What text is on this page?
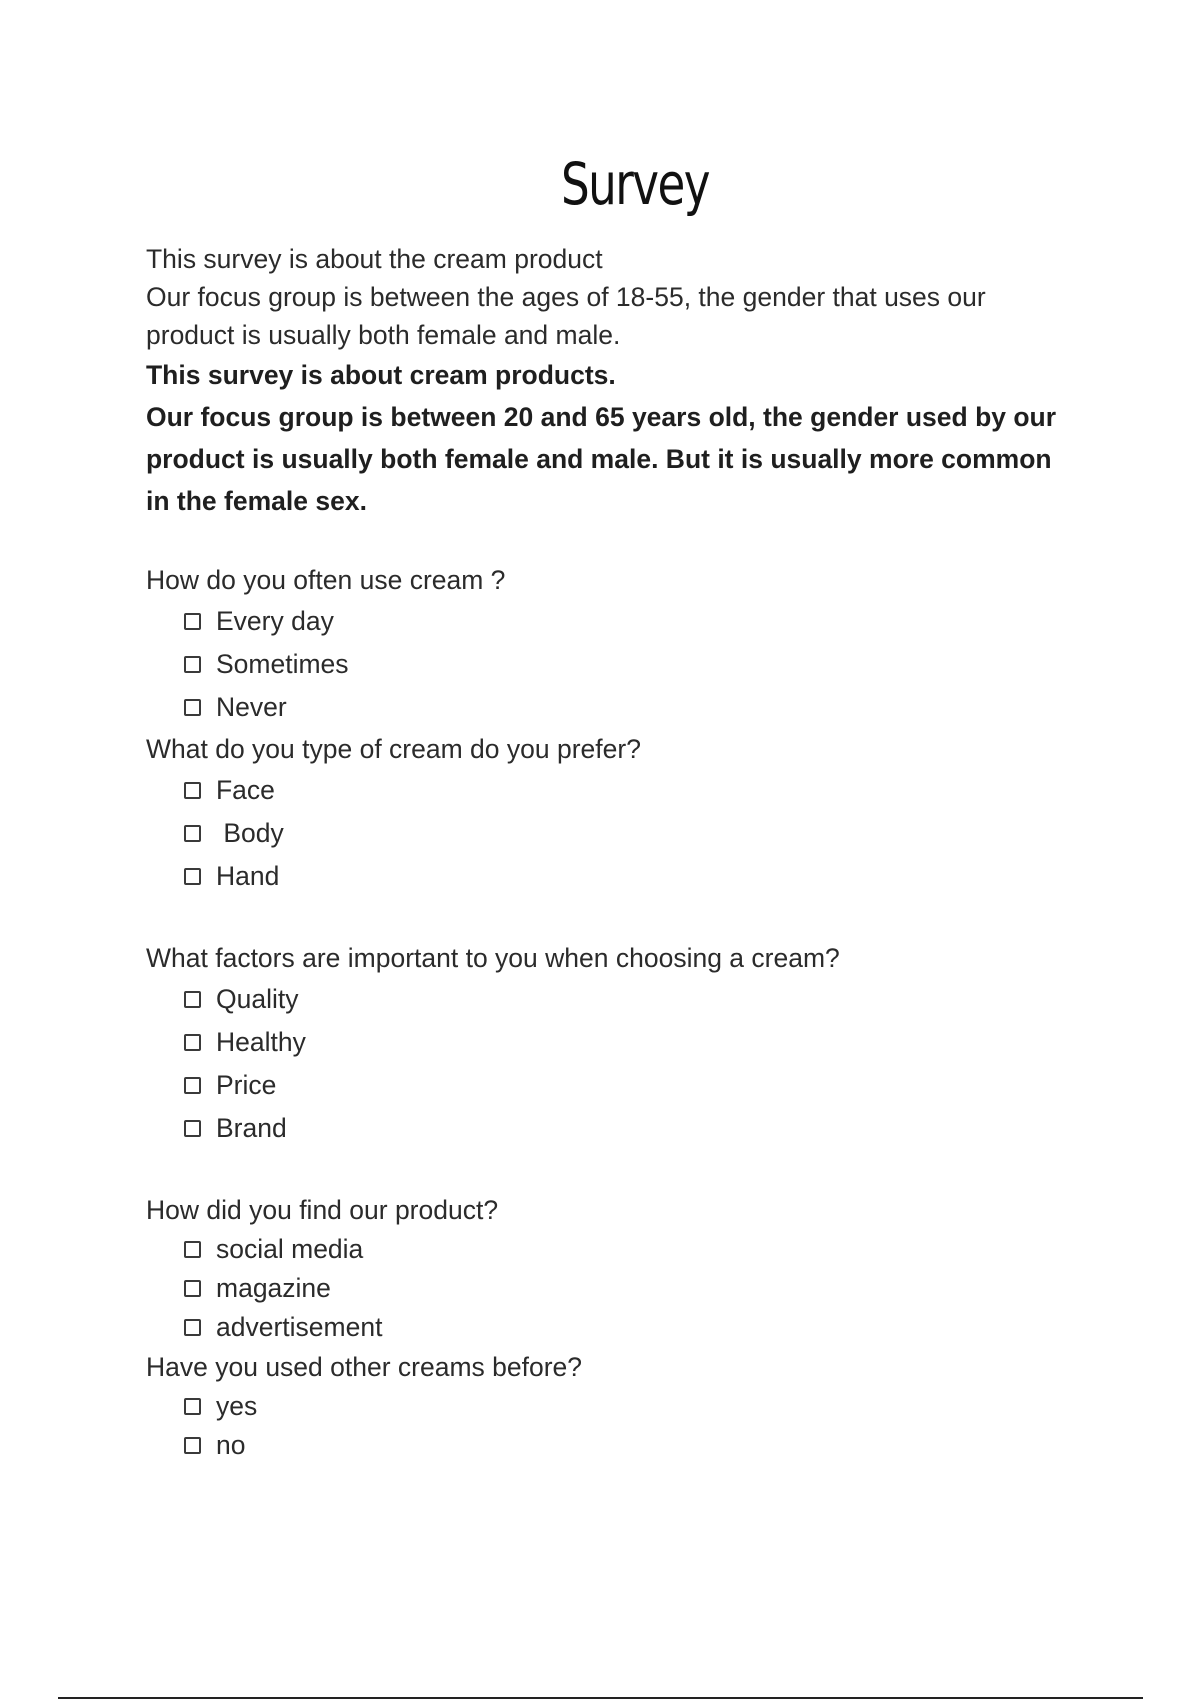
Survey

This survey is about the cream product

Our focus group is between the ages of 18-55, the gender that uses our product is usually both female and male.

This survey is about cream products.

Our focus group is between 20 and 65 years old, the gender used by our product is usually both female and male. But it is usually more common in the female sex.

How do you often use cream ?

Every day
Sometimes
Never

What do you type of cream do you prefer?

Face
Body
Hand

What factors are important to you when choosing a cream?

Quality
Healthy
Price
Brand

How did you find our product?

social media
magazine
advertisement

Have you used other creams before?

yes
no
